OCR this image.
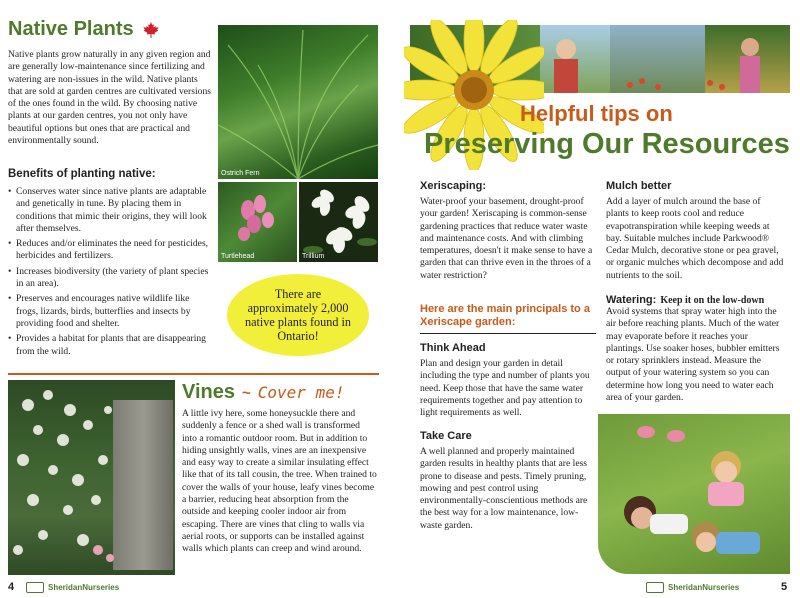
Native Plants

Native plants grow naturally in any given region and are generally low-maintenance since fertilizing and watering are non-issues in the wild. Native plants that are sold at garden centres are cultivated versions of the ones found in the wild. By choosing native plants at our garden centres, you not only have beautiful options but ones that are practical and environmentally sound.

Benefits of planting native:
• Conserves water since native plants are adaptable and genetically in tune. By placing them in conditions that mimic their origins, they will look after themselves.
• Reduces and/or eliminates the need for pesticides, herbicides and fertilizers.
• Increases biodiversity (the variety of plant species in an area).
• Preserves and encourages native wildlife like frogs, lizards, birds, butterflies and insects by providing food and shelter.
• Provides a habitat for plants that are disappearing from the wild.
Ostrich Fern
Turtlehead	Trillium
There are approximately 2,000 native plants found in Ontario!
Vines ~ Cover me!

A little ivy here, some honeysuckle there and suddenly a fence or a shed wall is transformed into a romantic outdoor room. But in addition to hiding unsightly walls, vines are an inexpensive and easy way to create a similar insulating effect like that of its tall cousin, the tree. When trained to cover the walls of your house, leafy vines become a barrier, reducing heat absorption from the outside and keeping cooler indoor air from escaping. There are vines that cling to walls via aerial roots, or supports can be installed against walls which plants can creep and wind around.

4	SheridanNurseries
Helpful tips on
Preserving Our Resources
Xeriscaping:

Water-proof your basement, drought-proof your garden! Xeriscaping is common-sense gardening practices that reduce water waste and maintenance costs. And with climbing temperatures, doesn't it make sense to have a garden that can thrive even in the throes of a water restriction?

Here are the main principals to a Xeriscape garden:
Think Ahead

Plan and design your garden in detail including the type and number of plants you need. Keep those that have the same water requirements together and pay attention to light requirements as well.

Take Care

A well planned and properly maintained garden results in healthy plants that are less prone to disease and pests. Timely pruning, mowing and pest control using environmentally-conscientious methods are the best way for a low maintenance, low-waste garden.

Mulch better

Add a layer of mulch around the base of plants to keep roots cool and reduce evapotranspiration while keeping weeds at bay. Suitable mulches include Parkwood® Cedar Mulch, decorative stone or pea gravel, or organic mulches which decompose and add nutrients to the soil.

Watering: Keep it on the low-down

Avoid systems that spray water high into the air before reaching plants. Much of the water may evaporate before it reaches your plantings. Use soaker hoses, bubbler emitters or rotary sprinklers instead. Measure the output of your watering system so you can determine how long you need to water each area of your garden.

SheridanNurseries	5
